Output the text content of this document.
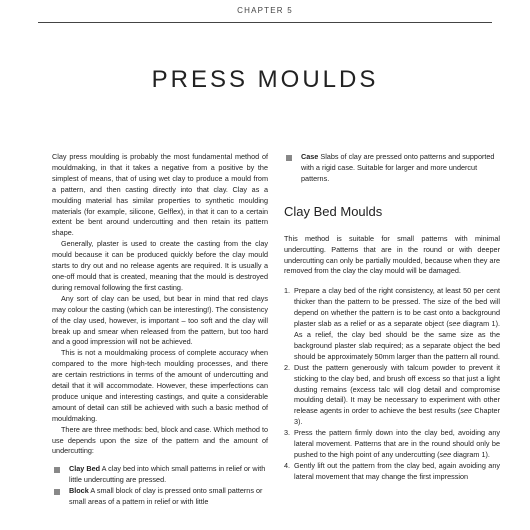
CHAPTER 5
PRESS MOULDS

Clay press moulding is probably the most fundamental method of mouldmaking, in that it takes a negative from a positive by the simplest of means, that of using wet clay to produce a mould from a pattern, and then casting directly into that clay. Clay as a moulding material has similar properties to synthetic moulding materials (for example, silicone, Gelflex), in that it can to a certain extent be bent around undercutting and then retain its pattern shape.

Generally, plaster is used to create the casting from the clay mould because it can be produced quickly before the clay mould starts to dry out and no release agents are required. It is usually a one-off mould that is created, meaning that the mould is destroyed during removal following the first casting.

Any sort of clay can be used, but bear in mind that red clays may colour the casting (which can be interesting!). The consistency of the clay used, however, is important – too soft and the clay will break up and smear when released from the pattern, but too hard and a good impression will not be achieved.

This is not a mouldmaking process of complete accuracy when compared to the more high-tech moulding processes, and there are certain restrictions in terms of the amount of undercutting and detail that it will accommodate. However, these imperfections can produce unique and interesting castings, and quite a considerable amount of detail can still be achieved with such a basic method of mouldmaking.

There are three methods: bed, block and case. Which method to use depends upon the size of the pattern and the amount of undercutting:

Clay Bed A clay bed into which small patterns in relief or with little undercutting are pressed.
Block A small block of clay is pressed onto small patterns or small areas of a pattern in relief or with little
Case Slabs of clay are pressed onto patterns and supported with a rigid case. Suitable for larger and more undercut patterns.
Clay Bed Moulds

This method is suitable for small patterns with minimal undercutting. Patterns that are in the round or with deeper undercutting can only be partially moulded, because when they are removed from the clay the clay mould will be damaged.

1. Prepare a clay bed of the right consistency, at least 50 per cent thicker than the pattern to be pressed. The size of the bed will depend on whether the pattern is to be cast onto a background plaster slab as a relief or as a separate object (see diagram 1). As a relief, the clay bed should be the same size as the background plaster slab required; as a separate object the bed should be approximately 50mm larger than the pattern all round.
2. Dust the pattern generously with talcum powder to prevent it sticking to the clay bed, and brush off excess so that just a light dusting remains (excess talc will clog detail and compromise moulding detail). It may be necessary to experiment with other release agents in order to achieve the best results (see Chapter 3).
3. Press the pattern firmly down into the clay bed, avoiding any lateral movement. Patterns that are in the round should only be pushed to the high point of any undercutting (see diagram 1).
4. Gently lift out the pattern from the clay bed, again avoiding any lateral movement that may change the first impression
